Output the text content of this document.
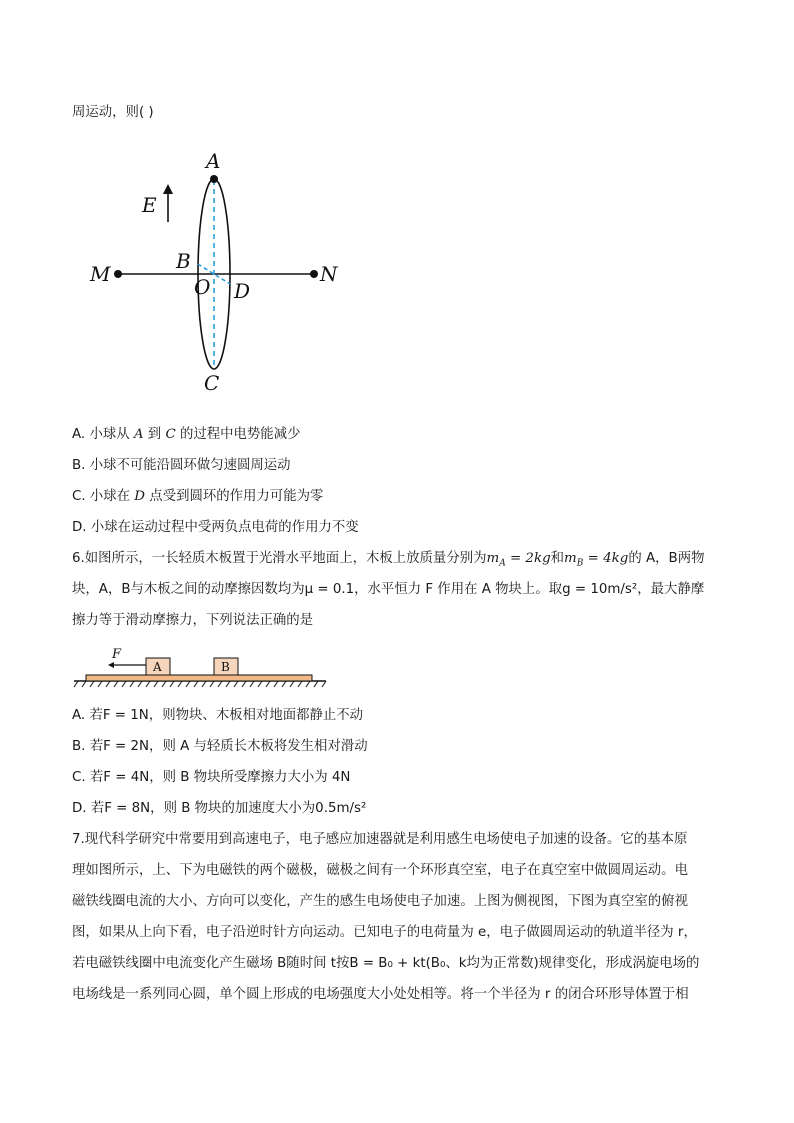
周运动，则( )
E
A
B
O D
M	N
C
A. 小球从 A 到 C 的过程中电势能减少
B. 小球不可能沿圆环做匀速圆周运动
C. 小球在 D 点受到圆环的作用力可能为零
D. 小球在运动过程中受两负点电荷的作用力不变
6.如图所示，一长轻质木板置于光滑水平地面上，木板上放质量分别为$m_A = 2kg$和$m_B = 4kg$的 A，B两物
块，A，B与木板之间的动摩擦因数均为μ = 0.1，水平恒力 F 作用在 A 物块上。取g = 10m/s²，最大静摩
擦力等于滑动摩擦力，下列说法正确的是
A	B
F
A. 若F = 1N，则物块、木板相对地面都静止不动
B. 若F = 2N，则 A 与轻质长木板将发生相对滑动
C. 若F = 4N，则 B 物块所受摩擦力大小为 4N
D. 若F = 8N，则 B 物块的加速度大小为0.5m/s²
7.现代科学研究中常要用到高速电子，电子感应加速器就是利用感生电场使电子加速的设备。它的基本原
理如图所示，上、下为电磁铁的两个磁极，磁极之间有一个环形真空室，电子在真空室中做圆周运动。电
磁铁线圈电流的大小、方向可以变化，产生的感生电场使电子加速。上图为侧视图，下图为真空室的俯视
图，如果从上向下看，电子沿逆时针方向运动。已知电子的电荷量为 e，电子做圆周运动的轨道半径为 r，
若电磁铁线圈中电流变化产生磁场 B随时间 t按B = B₀ + kt(B₀、k均为正常数)规律变化，形成涡旋电场的
电场线是一系列同心圆，单个圆上形成的电场强度大小处处相等。将一个半径为 r 的闭合环形导体置于相
